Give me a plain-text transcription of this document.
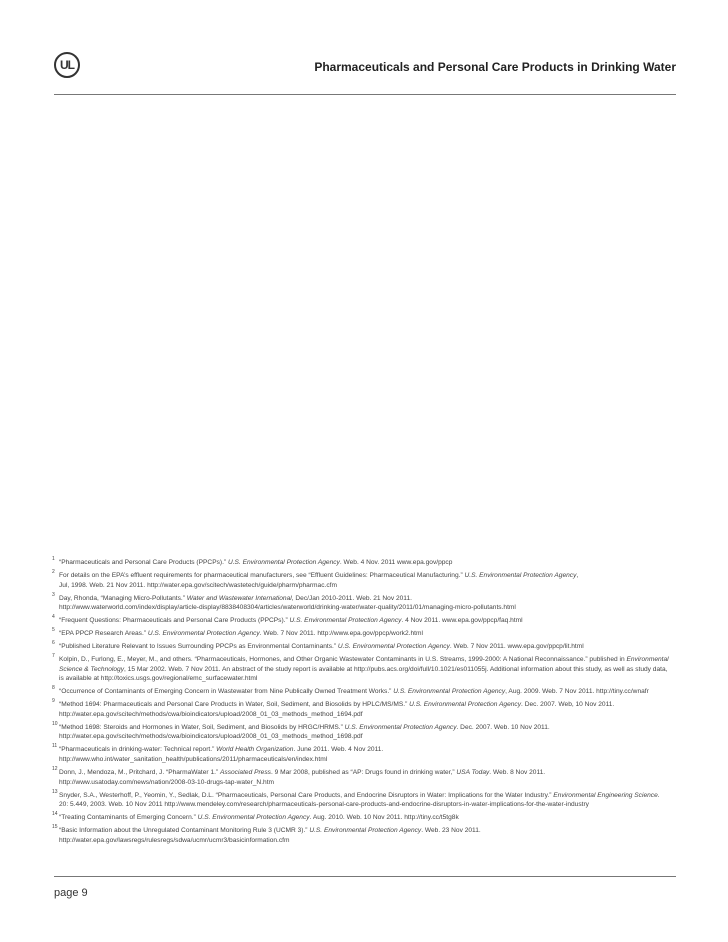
UL	Pharmaceuticals and Personal Care Products in Drinking Water
1 “Pharmaceuticals and Personal Care Products (PPCPs).” U.S. Environmental Protection Agency. Web. 4 Nov. 2011 www.epa.gov/ppcp
2 For details on the EPA’s effluent requirements for pharmaceutical manufacturers, see “Effluent Guidelines: Pharmaceutical Manufacturing.” U.S. Environmental Protection Agency,
Jul, 1998. Web. 21 Nov 2011. http://water.epa.gov/scitech/wastetech/guide/pharm/pharmac.cfm
3 Day, Rhonda, “Managing Micro-Pollutants.” Water and Wastewater International, Dec/Jan 2010-2011. Web. 21 Nov 2011.
http://www.waterworld.com/index/display/article-display/8838408304/articles/waterworld/drinking-water/water-quality/2011/01/managing-micro-pollutants.html
4 “Frequent Questions: Pharmaceuticals and Personal Care Products (PPCPs).” U.S. Environmental Protection Agency. 4 Nov 2011. www.epa.gov/ppcp/faq.html
5 “EPA PPCP Research Areas.” U.S. Environmental Protection Agency. Web. 7 Nov 2011. http://www.epa.gov/ppcp/work2.html
6 “Published Literature Relevant to Issues Surrounding PPCPs as Environmental Contaminants.” U.S. Environmental Protection Agency. Web. 7 Nov 2011. www.epa.gov/ppcp/lit.html
7 Kolpin, D., Furlong, E., Meyer, M., and others. “Pharmaceuticals, Hormones, and Other Organic Wastewater Contaminants in U.S. Streams, 1999-2000: A National Reconnaissance.” published in Environmental
Science & Technology, 15 Mar 2002. Web. 7 Nov 2011. An abstract of the study report is available at http://pubs.acs.org/doi/full/10.1021/es011055j. Additional information about this study, as well as study data,
is available at http://toxics.usgs.gov/regional/emc_surfacewater.html
8 “Occurrence of Contaminants of Emerging Concern in Wastewater from Nine Publically Owned Treatment Works.” U.S. Environmental Protection Agency, Aug. 2009. Web. 7 Nov 2011. http://tiny.cc/wnafr
9 “Method 1694: Pharmaceuticals and Personal Care Products in Water, Soil, Sediment, and Biosolids by HPLC/MS/MS.” U.S. Environmental Protection Agency. Dec. 2007. Web, 10 Nov 2011.
http://water.epa.gov/scitech/methods/cwa/bioindicators/upload/2008_01_03_methods_method_1694.pdf
10 “Method 1698: Steroids and Hormones in Water, Soil, Sediment, and Biosolids by HRGC/HRMS.” U.S. Environmental Protection Agency. Dec. 2007. Web. 10 Nov 2011.
http://water.epa.gov/scitech/methods/cwa/bioindicators/upload/2008_01_03_methods_method_1698.pdf
11 “Pharmaceuticals in drinking-water: Technical report.” World Health Organization. June 2011. Web. 4 Nov 2011.
http://www.who.int/water_sanitation_health/publications/2011/pharmaceuticals/en/index.html
12 Donn, J., Mendoza, M., Pritchard, J. “PharmaWater 1.” Associated Press. 9 Mar 2008, published as “AP: Drugs found in drinking water,” USA Today. Web. 8 Nov 2011.
http://www.usatoday.com/news/nation/2008-03-10-drugs-tap-water_N.htm
13 Snyder, S.A., Westerhoff, P., Yeomin, Y., Sedlak, D.L. “Pharmaceuticals, Personal Care Products, and Endocrine Disruptors in Water: Implications for the Water Industry.” Environmental Engineering Science.
20: 5.449, 2003. Web. 10 Nov 2011 http://www.mendeley.com/research/pharmaceuticals-personal-care-products-and-endocrine-disruptors-in-water-implications-for-the-water-industry
14 “Treating Contaminants of Emerging Concern.” U.S. Environmental Protection Agency. Aug. 2010. Web. 10 Nov 2011. http://tiny.cc/t5tg8k
15 “Basic Information about the Unregulated Contaminant Monitoring Rule 3 (UCMR 3).” U.S. Environmental Protection Agency. Web. 23 Nov 2011.
http://water.epa.gov/lawsregs/rulesregs/sdwa/ucmr/ucmr3/basicinformation.cfm
page 9
